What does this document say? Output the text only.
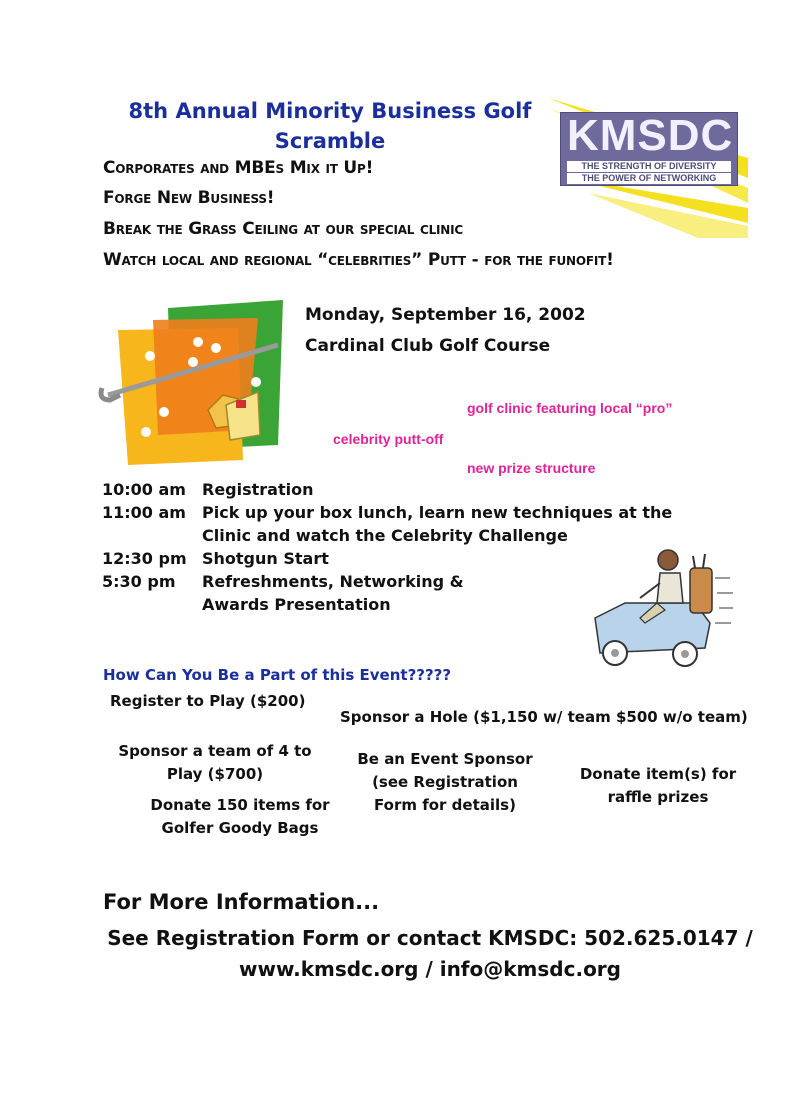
8th Annual Minority Business Golf
Scramble	KMSDC
THE STRENGTH OF DIVERSITY
THE POWER OF NETWORKING
Corporates and MBEs Mix it Up!
Forge New Business!
Break the Grass Ceiling at our special clinic
Watch local and regional “celebrities” Putt - for the funofit!
Monday, September 16, 2002
Cardinal Club Golf Course
golf clinic featuring local “pro”
celebrity putt-off
new prize structure
10:00 am	Registration
11:00 am	Pick up your box lunch, learn new techniques at the Clinic and watch the Celebrity Challenge
12:30 pm Shotgun Start
5:30 pm	Refreshments, Networking & Awards Presentation
How Can You Be a Part of this Event?????
Register to Play ($200)
Sponsor a Hole ($1,150 w/ team $500 w/o team)
Sponsor a team of 4 to Play ($700)
Be an Event Sponsor (see Registration Form for details)
Donate item(s) for raffle prizes
Donate 150 items for Golfer Goody Bags
For More Information...
See Registration Form or contact KMSDC: 502.625.0147 /
www.kmsdc.org / info@kmsdc.org
